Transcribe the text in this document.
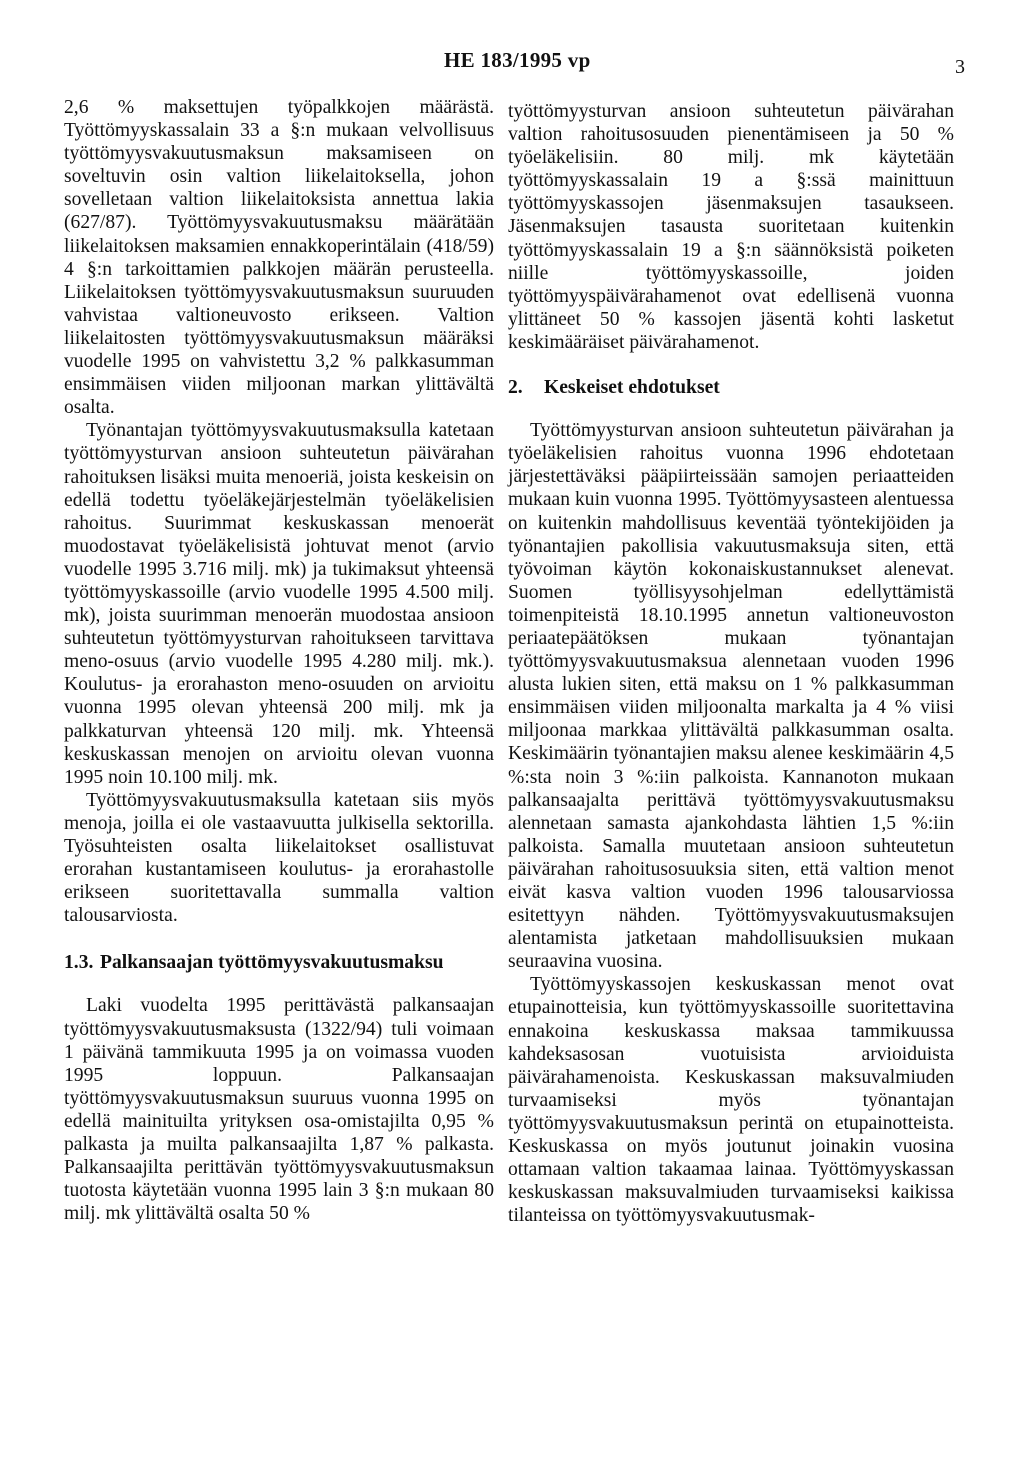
HE 183/1995 vp	3

2,6 % maksettujen työpalkkojen määrästä. Työttömyyskassalain 33 a §:n mukaan velvollisuus työttömyysvakuutusmaksun maksamiseen on soveltuvin osin valtion liikelaitoksella, johon sovelletaan valtion liikelaitoksista annettua lakia (627/87). Työttömyysvakuutusmaksu määrätään liikelaitoksen maksamien ennakkoperintälain (418/59) 4 §:n tarkoittamien palkkojen määrän perusteella. Liikelaitoksen työttömyysvakuutusmaksun suuruuden vahvistaa valtioneuvosto erikseen. Valtion liikelaitosten työttömyysvakuutusmaksun määräksi vuodelle 1995 on vahvistettu 3,2 % palkkasumman ensimmäisen viiden miljoonan markan ylittävältä osalta.

Työnantajan työttömyysvakuutusmaksulla katetaan työttömyysturvan ansioon suhteutetun päivärahan rahoituksen lisäksi muita menoeriä, joista keskeisin on edellä todettu työeläkejärjestelmän työeläkelisien rahoitus. Suurimmat keskuskassan menoerät muodostavat työeläkelisistä johtuvat menot (arvio vuodelle 1995 3.716 milj. mk) ja tukimaksut yhteensä työttömyyskassoille (arvio vuodelle 1995 4.500 milj. mk), joista suurimman menoerän muodostaa ansioon suhteutetun työttömyysturvan rahoitukseen tarvittava meno-osuus (arvio vuodelle 1995 4.280 milj. mk.). Koulutus- ja erorahaston meno-osuuden on arvioitu vuonna 1995 olevan yhteensä 200 milj. mk ja palkkaturvan yhteensä 120 milj. mk. Yhteensä keskuskassan menojen on arvioitu olevan vuonna 1995 noin 10.100 milj. mk.

Työttömyysvakuutusmaksulla katetaan siis myös menoja, joilla ei ole vastaavuutta julkisella sektorilla. Työsuhteisten osalta liikelaitokset osallistuvat erorahan kustantamiseen koulutus- ja erorahastolle erikseen suoritettavalla summalla valtion talousarviosta.

1.3. Palkansaajan työttömyysvakuutusmaksu

Laki vuodelta 1995 perittävästä palkansaajan työttömyysvakuutusmaksusta (1322/94) tuli voimaan 1 päivänä tammikuuta 1995 ja on voimassa vuoden 1995 loppuun. Palkansaajan työttömyysvakuutusmaksun suuruus vuonna 1995 on edellä mainituilta yrityksen osa-omistajilta 0,95 % palkasta ja muilta palkansaajilta 1,87 % palkasta. Palkansaajilta perittävän työttömyysvakuutusmaksun tuotosta käytetään vuonna 1995 lain 3 §:n mukaan 80 milj. mk ylittävältä osalta 50 %

työttömyysturvan ansioon suhteutetun päivärahan valtion rahoitusosuuden pienentämiseen ja 50 % työeläkelisiin. 80 milj. mk käytetään työttömyyskassalain 19 a §:ssä mainittuun työttömyyskassojen jäsenmaksujen tasaukseen. Jäsenmaksujen tasausta suoritetaan kuitenkin työttömyyskassalain 19 a §:n säännöksistä poiketen niille työttömyyskassoille, joiden työttömyyspäivärahamenot ovat edellisenä vuonna ylittäneet 50 % kassojen jäsentä kohti lasketut keskimääräiset päivärahamenot.

2.	Keskeiset ehdotukset

Työttömyysturvan ansioon suhteutetun päivärahan ja työeläkelisien rahoitus vuonna 1996 ehdotetaan järjestettäväksi pääpiirteissään samojen periaatteiden mukaan kuin vuonna 1995. Työttömyysasteen alentuessa on kuitenkin mahdollisuus keventää työntekijöiden ja työnantajien pakollisia vakuutusmaksuja siten, että työvoiman käytön kokonaiskustannukset alenevat. Suomen työllisyysohjelman edellyttämistä toimenpiteistä 18.10.1995 annetun valtioneuvoston periaatepäätöksen mukaan työnantajan työttömyysvakuutusmaksua alennetaan vuoden 1996 alusta lukien siten, että maksu on 1 % palkkasumman ensimmäisen viiden miljoonalta markalta ja 4 % viisi miljoonaa markkaa ylittävältä palkkasumman osalta. Keskimäärin työnantajien maksu alenee keskimäärin 4,5 %:sta noin 3 %:iin palkoista. Kannanoton mukaan palkansaajalta perittävä työttömyysvakuutusmaksu alennetaan samasta ajankohdasta lähtien 1,5 %:iin palkoista. Samalla muutetaan ansioon suhteutetun päivärahan rahoitusosuuksia siten, että valtion menot eivät kasva valtion vuoden 1996 talousarviossa esitettyyn nähden. Työttömyysvakuutusmaksujen alentamista jatketaan mahdollisuuksien mukaan seuraavina vuosina.

Työttömyyskassojen keskuskassan menot ovat etupainotteisia, kun työttömyyskassoille suoritettavina ennakoina keskuskassa maksaa tammikuussa kahdeksasosan vuotuisista arvioiduista päivärahamenoista. Keskuskassan maksuvalmiuden turvaamiseksi myös työnantajan työttömyysvakuutusmaksun perintä on etupainotteista. Keskuskassa on myös joutunut joinakin vuosina ottamaan valtion takaamaa lainaa. Työttömyyskassan keskuskassan maksuvalmiuden turvaamiseksi kaikissa tilanteissa on työttömyysvakuutusmak-
